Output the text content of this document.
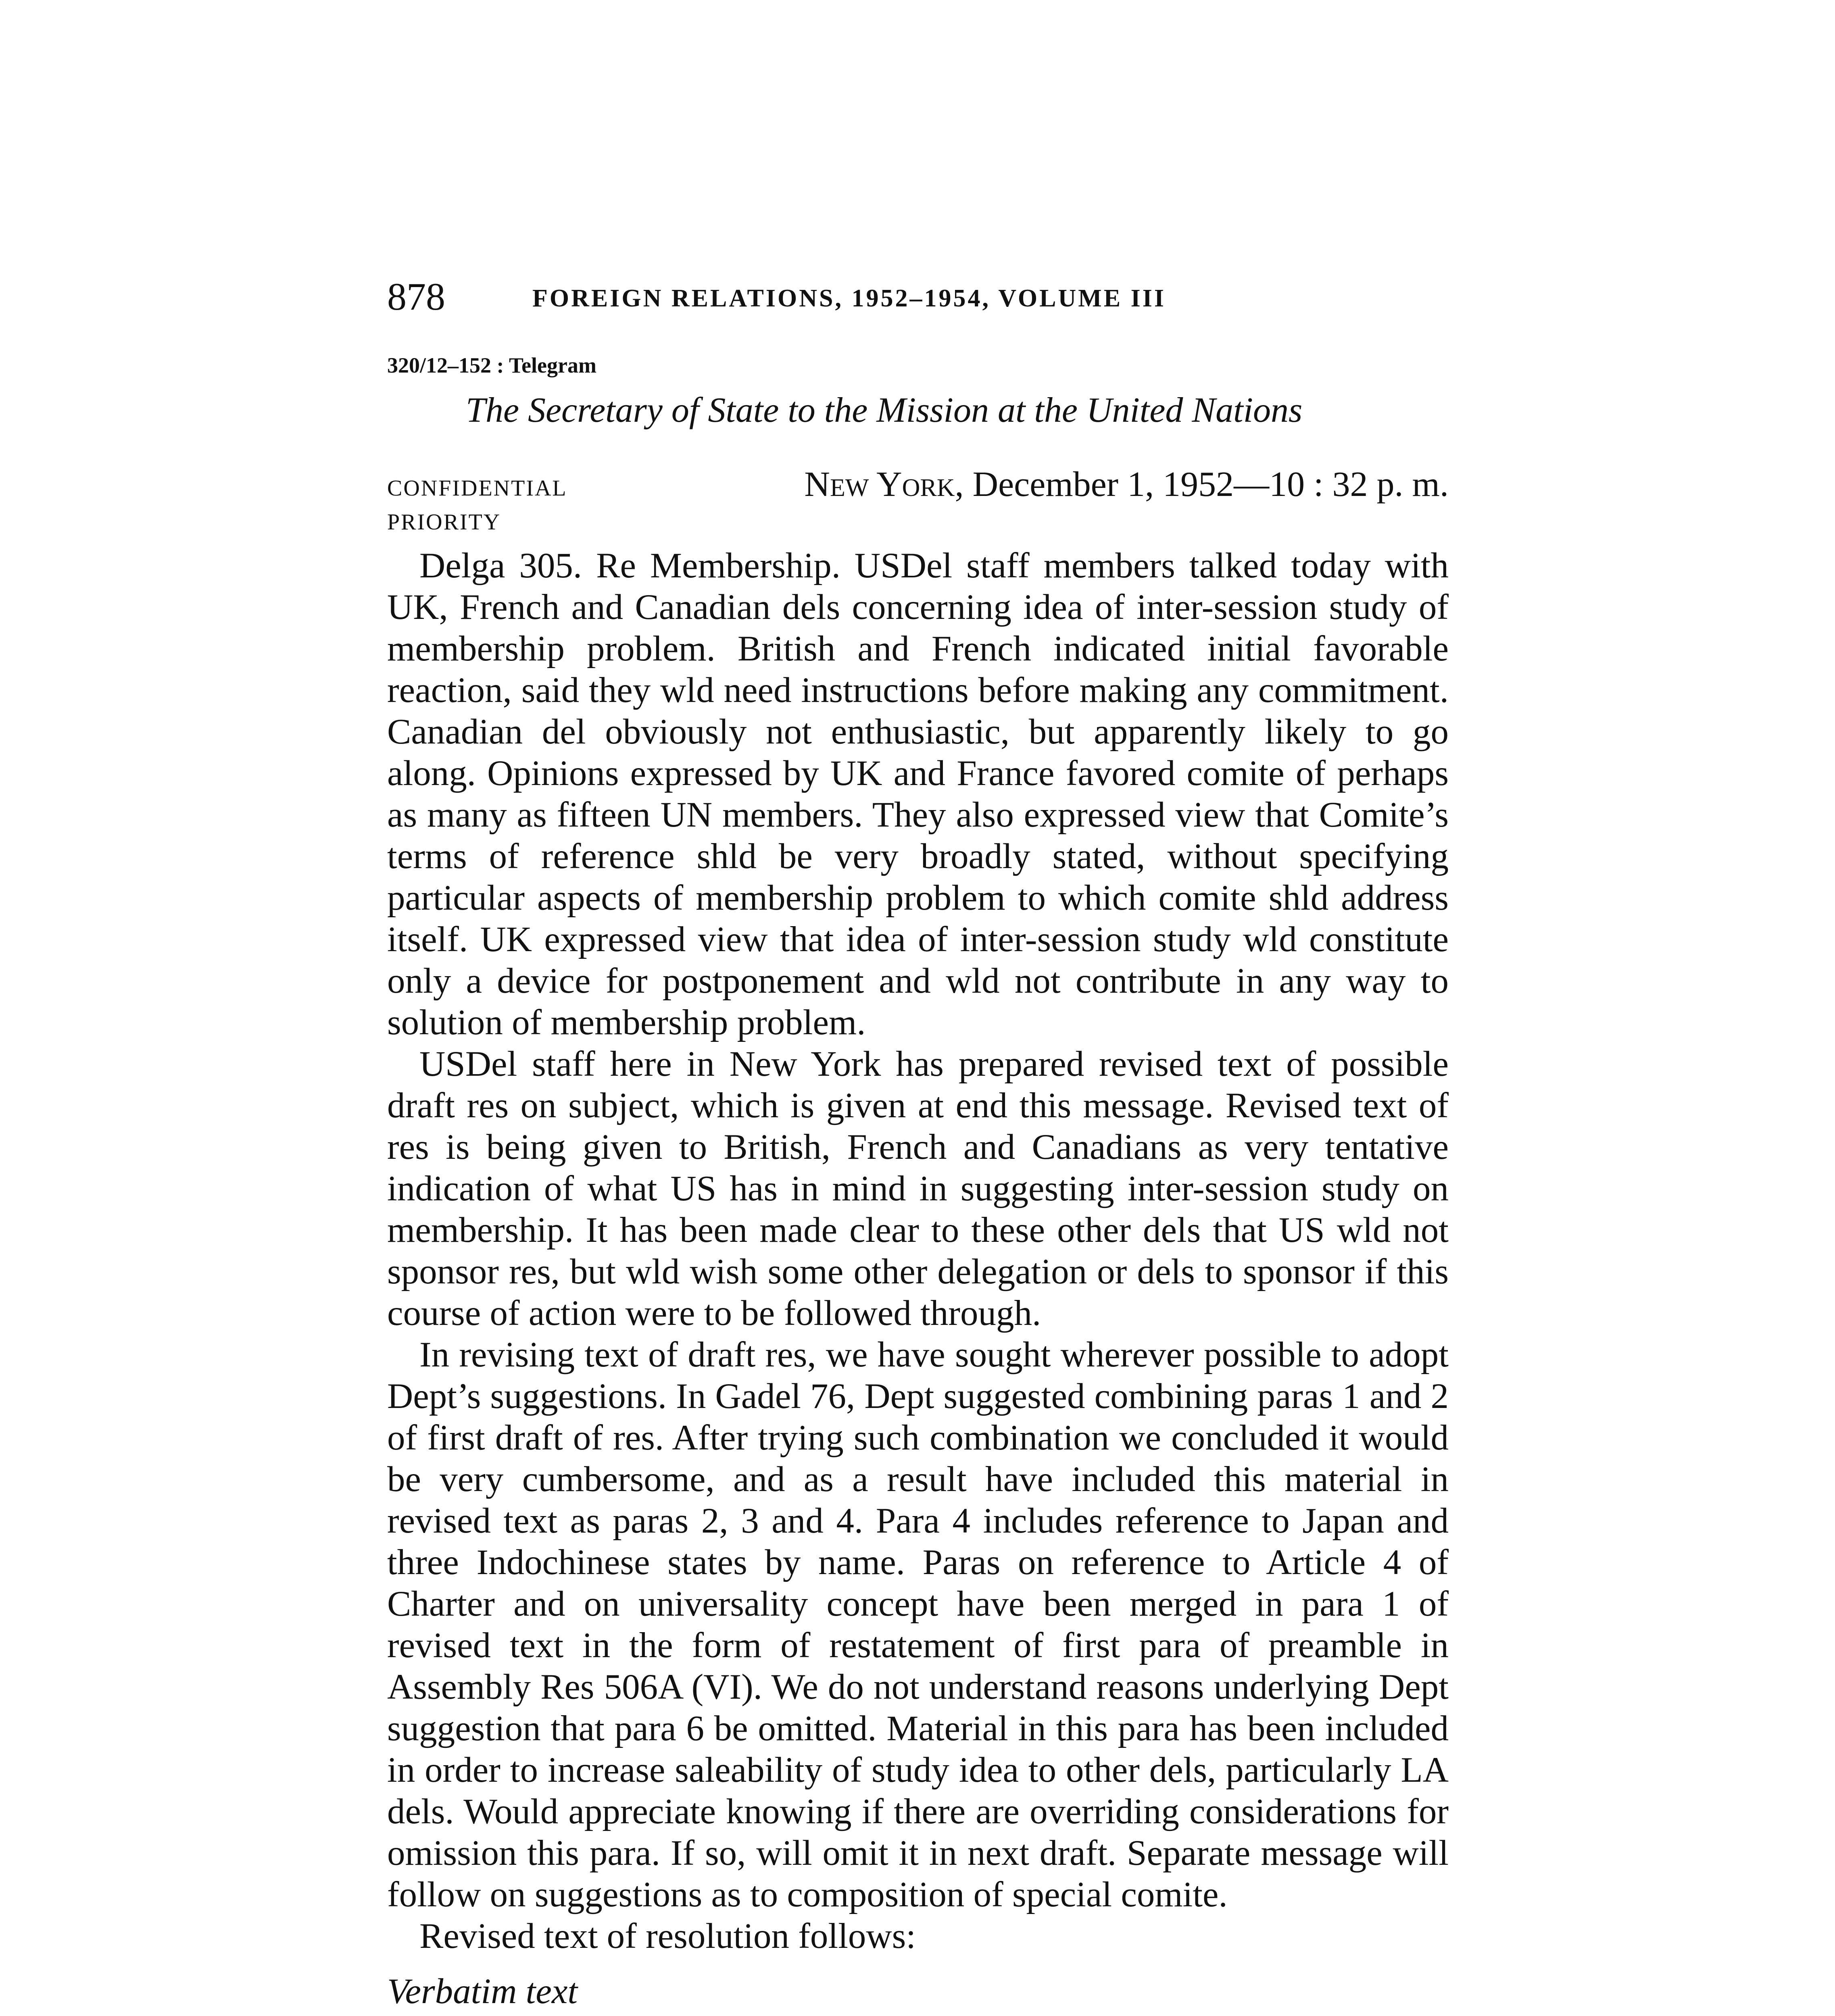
878	FOREIGN RELATIONS, 1952–1954, VOLUME III
320/12–152 : Telegram
The Secretary of State to the Mission at the United Nations
CONFIDENTIAL
PRIORITY
New York, December 1, 1952—10 : 32 p. m.

Delga 305. Re Membership. USDel staff members talked today with UK, French and Canadian dels concerning idea of inter-session study of membership problem. British and French indicated initial favorable reaction, said they wld need instructions before making any commitment. Canadian del obviously not enthusiastic, but apparently likely to go along. Opinions expressed by UK and France favored comite of perhaps as many as fifteen UN members. They also expressed view that Comite’s terms of reference shld be very broadly stated, without specifying particular aspects of membership problem to which comite shld address itself. UK expressed view that idea of inter-session study wld constitute only a device for postponement and wld not contribute in any way to solution of membership problem.

USDel staff here in New York has prepared revised text of possible draft res on subject, which is given at end this message. Revised text of res is being given to British, French and Canadians as very tentative indication of what US has in mind in suggesting inter-session study on membership. It has been made clear to these other dels that US wld not sponsor res, but wld wish some other delegation or dels to sponsor if this course of action were to be followed through.

In revising text of draft res, we have sought wherever possible to adopt Dept’s suggestions. In Gadel 76, Dept suggested combining paras 1 and 2 of first draft of res. After trying such combination we concluded it would be very cumbersome, and as a result have included this material in revised text as paras 2, 3 and 4. Para 4 includes reference to Japan and three Indochinese states by name. Paras on reference to Article 4 of Charter and on universality concept have been merged in para 1 of revised text in the form of restatement of first para of preamble in Assembly Res 506A (VI). We do not understand reasons underlying Dept suggestion that para 6 be omitted. Material in this para has been included in order to increase saleability of study idea to other dels, particularly LA dels. Would appreciate knowing if there are overriding considerations for omission this para. If so, will omit it in next draft. Separate message will follow on suggestions as to composition of special comite.

Revised text of resolution follows:

Verbatim text
